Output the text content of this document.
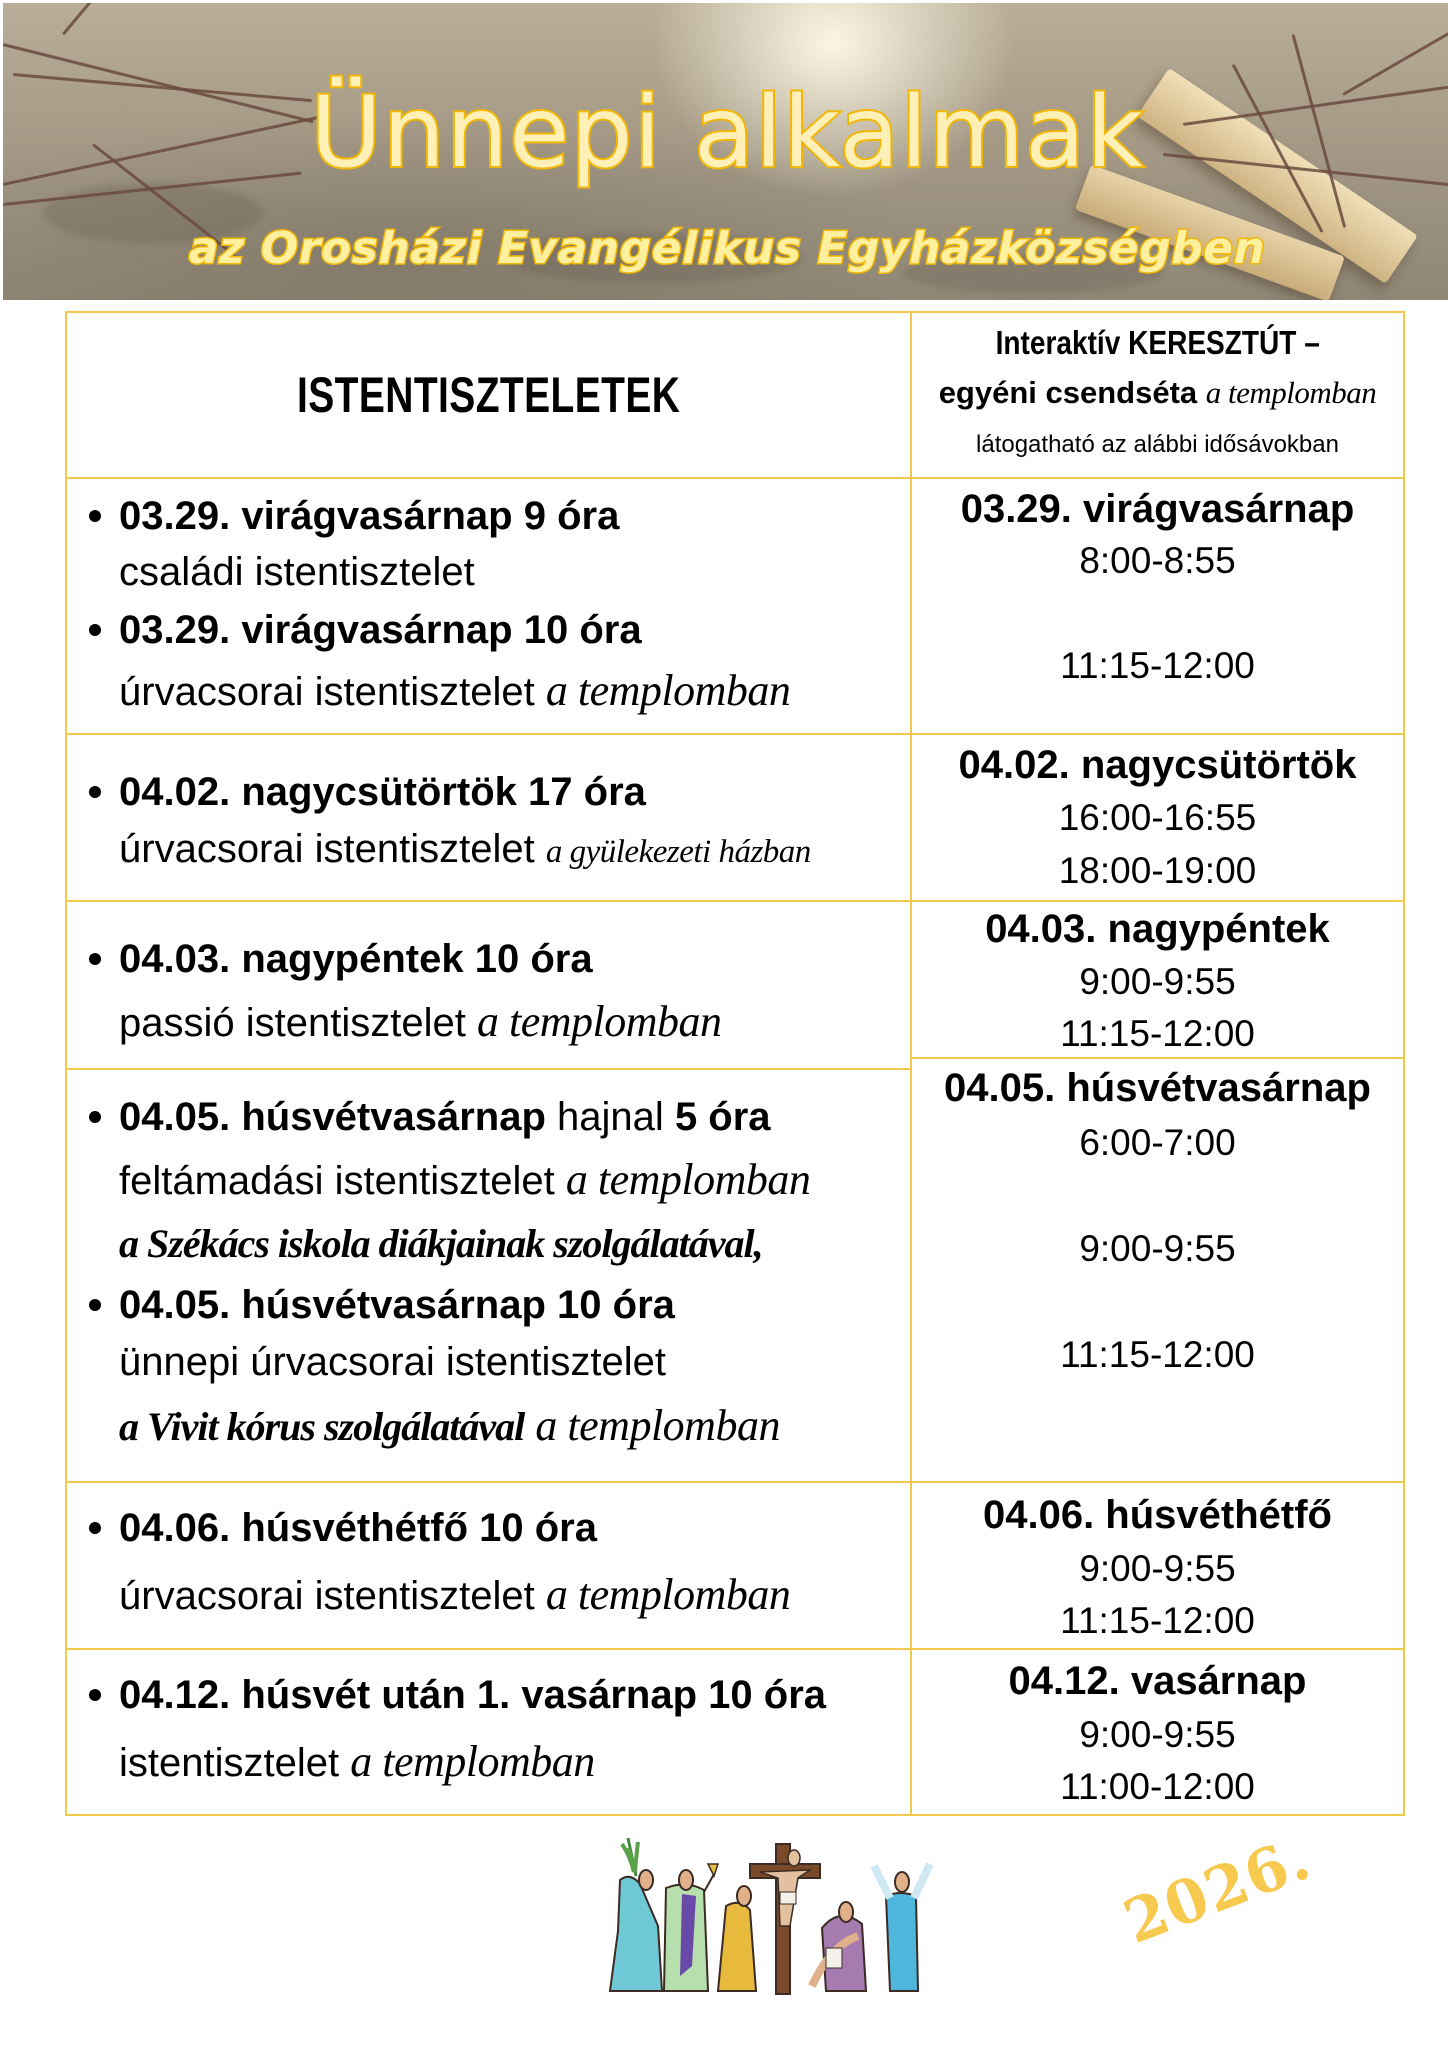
Ünnepi alkalmak
az Orosházi Evangélikus Egyházközségben
ISTENTISZTELETEK
03.29. virágvasárnap 9 óra
családi istentisztelet
03.29. virágvasárnap 10 óra
úrvacsorai istentisztelet a templomban
04.02. nagycsütörtök 17 óra
úrvacsorai istentisztelet a gyülekezeti házban
04.03. nagypéntek 10 óra
passió istentisztelet a templomban
04.05. húsvétvasárnap hajnal 5 óra
feltámadási istentisztelet a templomban
a Székács iskola diákjainak szolgálatával,
04.05. húsvétvasárnap 10 óra
ünnepi úrvacsorai istentisztelet
a Vivit kórus szolgálatával a templomban
04.06. húsvéthétfő 10 óra
úrvacsorai istentisztelet a templomban
04.12. húsvét után 1. vasárnap 10 óra
istentisztelet a templomban
Interaktív KERESZTÚT –
egyéni csendséta a templomban
látogatható az alábbi idősávokban
03.29. virágvasárnap
8:00-8:55
11:15-12:00
04.02. nagycsütörtök
16:00-16:55
18:00-19:00
04.03. nagypéntek
9:00-9:55
11:15-12:00
04.05. húsvétvasárnap
6:00-7:00
9:00-9:55
11:15-12:00
04.06. húsvéthétfő
9:00-9:55
11:15-12:00
04.12. vasárnap
9:00-9:55
11:00-12:00
2026.
